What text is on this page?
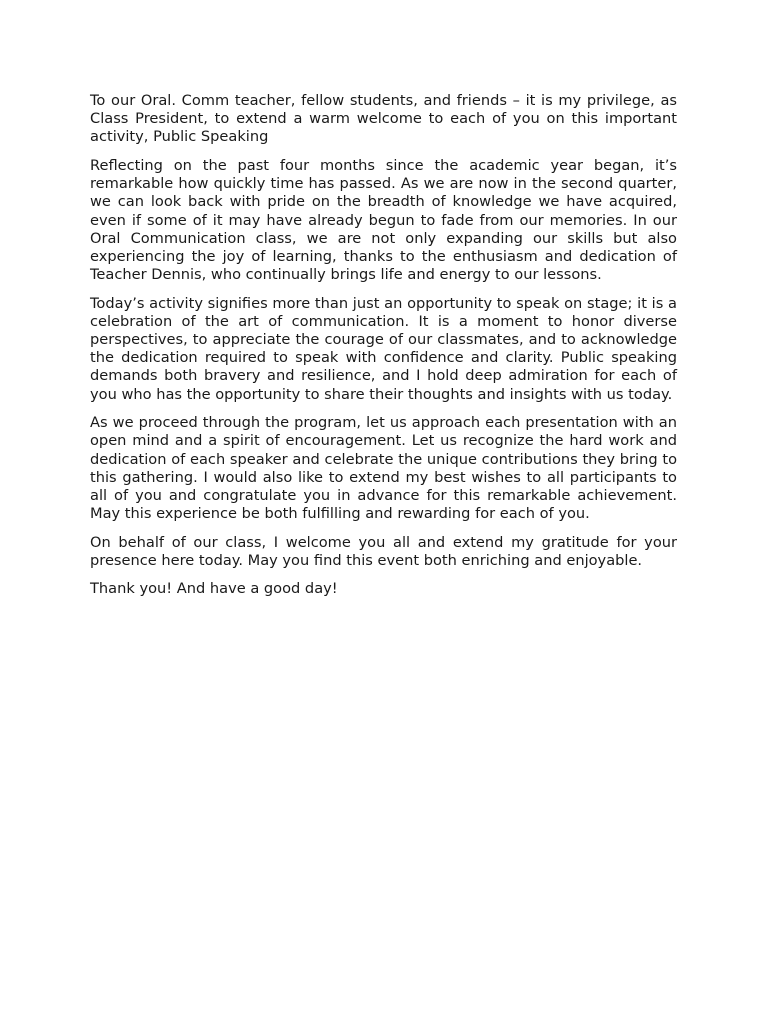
To our Oral. Comm teacher, fellow students, and friends – it is my privilege, as Class President, to extend a warm welcome to each of you on this important activity, Public Speaking

Reflecting on the past four months since the academic year began, it’s remarkable how quickly time has passed. As we are now in the second quarter, we can look back with pride on the breadth of knowledge we have acquired, even if some of it may have already begun to fade from our memories. In our Oral Communication class, we are not only expanding our skills but also experiencing the joy of learning, thanks to the enthusiasm and dedication of Teacher Dennis, who continually brings life and energy to our lessons.

Today’s activity signifies more than just an opportunity to speak on stage; it is a celebration of the art of communication. It is a moment to honor diverse perspectives, to appreciate the courage of our classmates, and to acknowledge the dedication required to speak with confidence and clarity. Public speaking demands both bravery and resilience, and I hold deep admiration for each of you who has the opportunity to share their thoughts and insights with us today.

As we proceed through the program, let us approach each presentation with an open mind and a spirit of encouragement. Let us recognize the hard work and dedication of each speaker and celebrate the unique contributions they bring to this gathering. I would also like to extend my best wishes to all participants to all of you and congratulate you in advance for this remarkable achievement. May this experience be both fulfilling and rewarding for each of you.

On behalf of our class, I welcome you all and extend my gratitude for your presence here today. May you find this event both enriching and enjoyable.

Thank you! And have a good day!
